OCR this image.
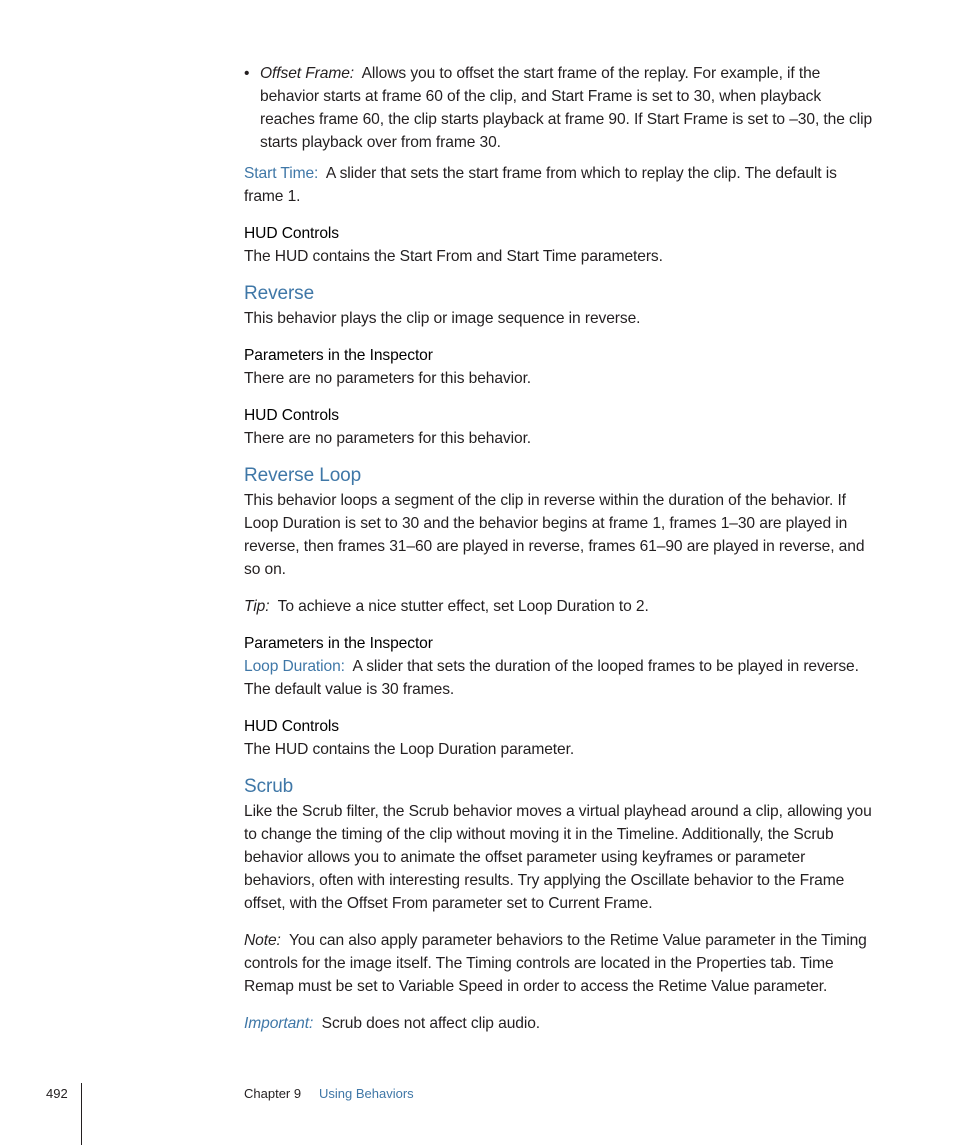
• Offset Frame: Allows you to offset the start frame of the replay. For example, if the behavior starts at frame 60 of the clip, and Start Frame is set to 30, when playback reaches frame 60, the clip starts playback at frame 90. If Start Frame is set to –30, the clip starts playback over from frame 30.

Start Time: A slider that sets the start frame from which to replay the clip. The default is frame 1.

HUD Controls

The HUD contains the Start From and Start Time parameters.

Reverse

This behavior plays the clip or image sequence in reverse.

Parameters in the Inspector

There are no parameters for this behavior.

HUD Controls

There are no parameters for this behavior.

Reverse Loop

This behavior loops a segment of the clip in reverse within the duration of the behavior. If Loop Duration is set to 30 and the behavior begins at frame 1, frames 1–30 are played in reverse, then frames 31–60 are played in reverse, frames 61–90 are played in reverse, and so on.

Tip: To achieve a nice stutter effect, set Loop Duration to 2.

Parameters in the Inspector

Loop Duration: A slider that sets the duration of the looped frames to be played in reverse. The default value is 30 frames.

HUD Controls

The HUD contains the Loop Duration parameter.

Scrub

Like the Scrub filter, the Scrub behavior moves a virtual playhead around a clip, allowing you to change the timing of the clip without moving it in the Timeline. Additionally, the Scrub behavior allows you to animate the offset parameter using keyframes or parameter behaviors, often with interesting results. Try applying the Oscillate behavior to the Frame offset, with the Offset From parameter set to Current Frame.

Note: You can also apply parameter behaviors to the Retime Value parameter in the Timing controls for the image itself. The Timing controls are located in the Properties tab. Time Remap must be set to Variable Speed in order to access the Retime Value parameter.

Important: Scrub does not affect clip audio.

492	Chapter 9 Using Behaviors
